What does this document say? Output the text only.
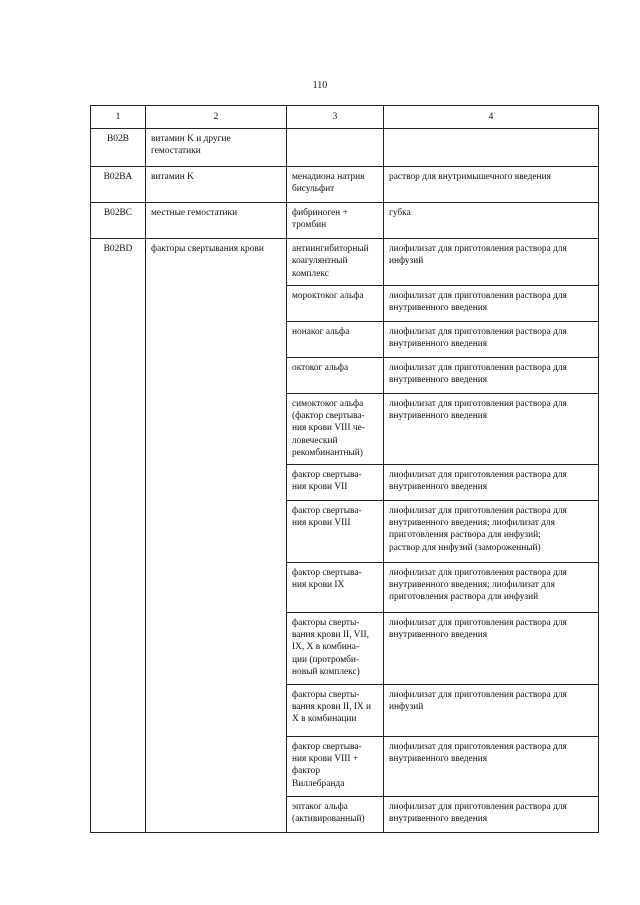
110
1	2	3	4
B02B	витамин K и другие
гемостатики		
B02BA	витамин K	менадиона натрия
бисульфит	раствор для внутримышечного введения
B02BC	местные гемостатики	фибриноген +
тромбин	губка
B02BD	факторы свертывания крови	антиингибиторный
коагулянтный
комплекс	лиофилизат для приготовления раствора для
инфузий
		мороктоког альфа	лиофилизат для приготовления раствора для
внутривенного введения
		нонаког альфа	лиофилизат для приготовления раствора для
внутривенного введения
		октоког альфа	лиофилизат для приготовления раствора для
внутривенного введения
		симоктоког альфа
(фактор свертыва-
ния крови VIII че-
ловеческий
рекомбинантный)	лиофилизат для приготовления раствора для
внутривенного введения
		фактор свертыва-
ния крови VII	лиофилизат для приготовления раствора для
внутривенного введения
		фактор свертыва-
ния крови VIII	лиофилизат для приготовления раствора для
внутривенного введения; лиофилизат для
приготовления раствора для инфузий;
раствор для инфузий (замороженный)
		фактор свертыва-
ния крови IX	лиофилизат для приготовления раствора для
внутривенного введения; лиофилизат для
приготовления раствора для инфузий
		факторы сверты-
вания крови II, VII,
IX, X в комбина-
ции (протромби-
новый комплекс)	лиофилизат для приготовления раствора для
внутривенного введения
		факторы сверты-
вания крови II, IX и
X в комбинации	лиофилизат для приготовления раствора для
инфузий
		фактор свертыва-
ния крови VIII +
фактор
Виллебранда	лиофилизат для приготовления раствора для
внутривенного введения
		эптаког альфа
(активированный)	лиофилизат для приготовления раствора для
внутривенного введения
